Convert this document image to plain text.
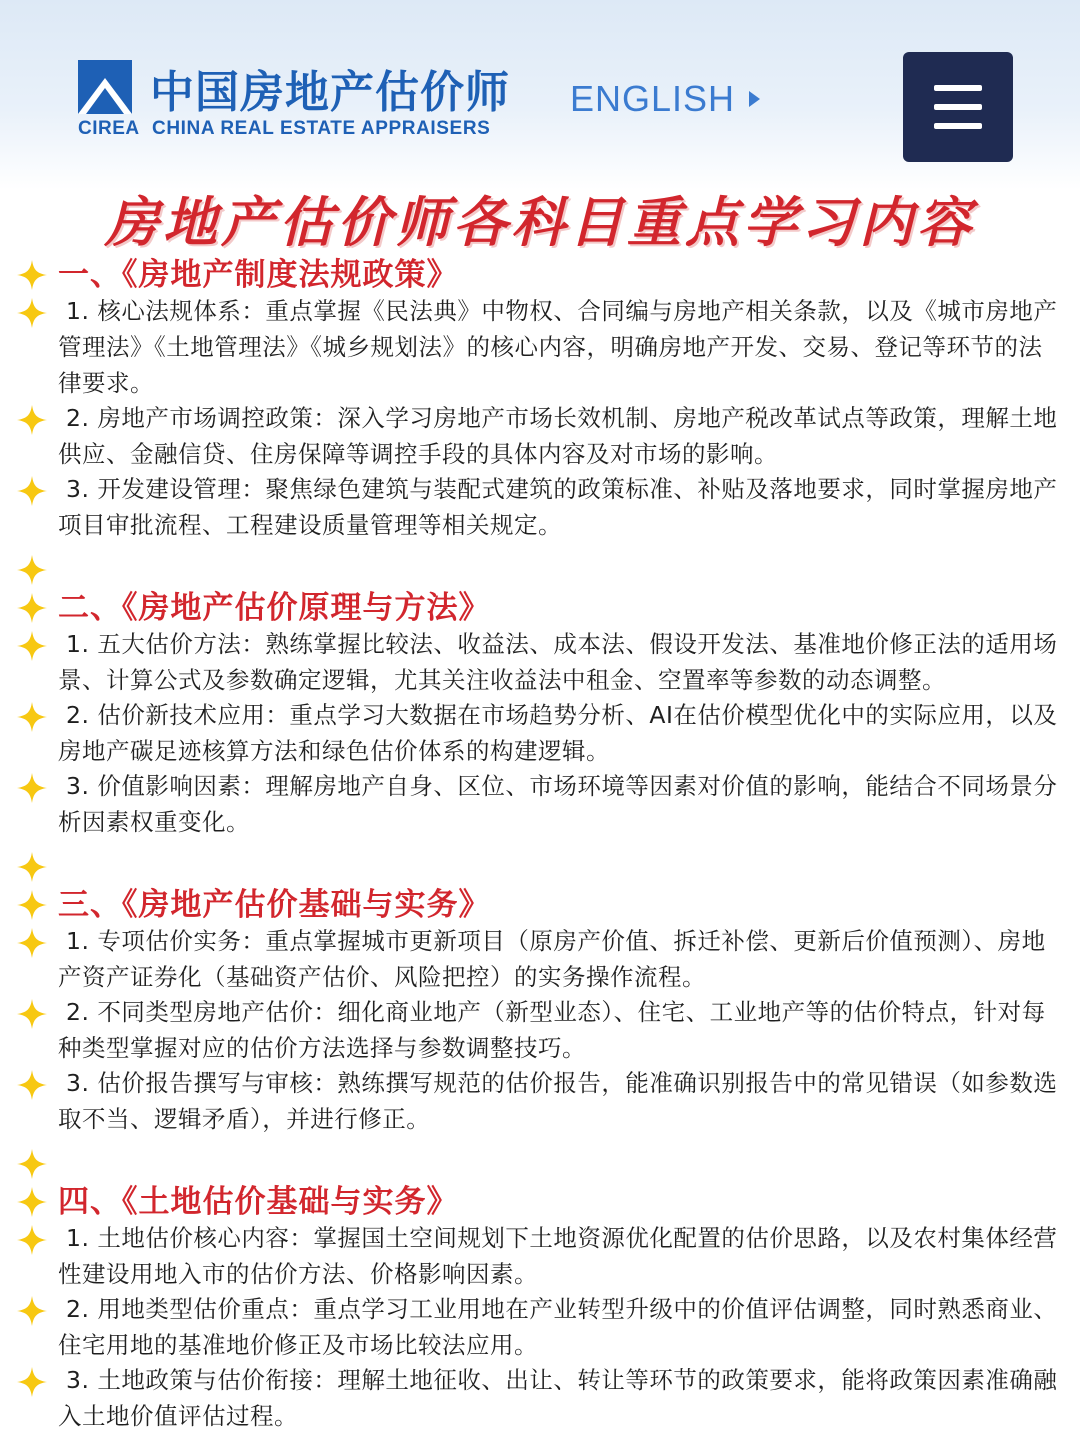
中国房地产估价师
CIREA CHINA REAL ESTATE APPRAISERS
ENGLISH
房地产估价师各科目重点学习内容
一、《房地产制度法规政策》
1. 核心法规体系：重点掌握《民法典》中物权、合同编与房地产相关条款，以及《城市房地产管理法》《土地管理法》《城乡规划法》的核心内容，明确房地产开发、交易、登记等环节的法律要求。
2. 房地产市场调控政策：深入学习房地产市场长效机制、房地产税改革试点等政策，理解土地供应、金融信贷、住房保障等调控手段的具体内容及对市场的影响。
3. 开发建设管理：聚焦绿色建筑与装配式建筑的政策标准、补贴及落地要求，同时掌握房地产项目审批流程、工程建设质量管理等相关规定。
二、《房地产估价原理与方法》
1. 五大估价方法：熟练掌握比较法、收益法、成本法、假设开发法、基准地价修正法的适用场景、计算公式及参数确定逻辑，尤其关注收益法中租金、空置率等参数的动态调整。
2. 估价新技术应用：重点学习大数据在市场趋势分析、AI在估价模型优化中的实际应用，以及房地产碳足迹核算方法和绿色估价体系的构建逻辑。
3. 价值影响因素：理解房地产自身、区位、市场环境等因素对价值的影响，能结合不同场景分析因素权重变化。
三、《房地产估价基础与实务》
1. 专项估价实务：重点掌握城市更新项目（原房产价值、拆迁补偿、更新后价值预测）、房地产资产证券化（基础资产估价、风险把控）的实务操作流程。
2. 不同类型房地产估价：细化商业地产（新型业态）、住宅、工业地产等的估价特点，针对每种类型掌握对应的估价方法选择与参数调整技巧。
3. 估价报告撰写与审核：熟练撰写规范的估价报告，能准确识别报告中的常见错误（如参数选取不当、逻辑矛盾），并进行修正。
四、《土地估价基础与实务》
1. 土地估价核心内容：掌握国土空间规划下土地资源优化配置的估价思路，以及农村集体经营性建设用地入市的估价方法、价格影响因素。
2. 用地类型估价重点：重点学习工业用地在产业转型升级中的价值评估调整，同时熟悉商业、住宅用地的基准地价修正及市场比较法应用。
3. 土地政策与估价衔接：理解土地征收、出让、转让等环节的政策要求，能将政策因素准确融入土地价值评估过程。
